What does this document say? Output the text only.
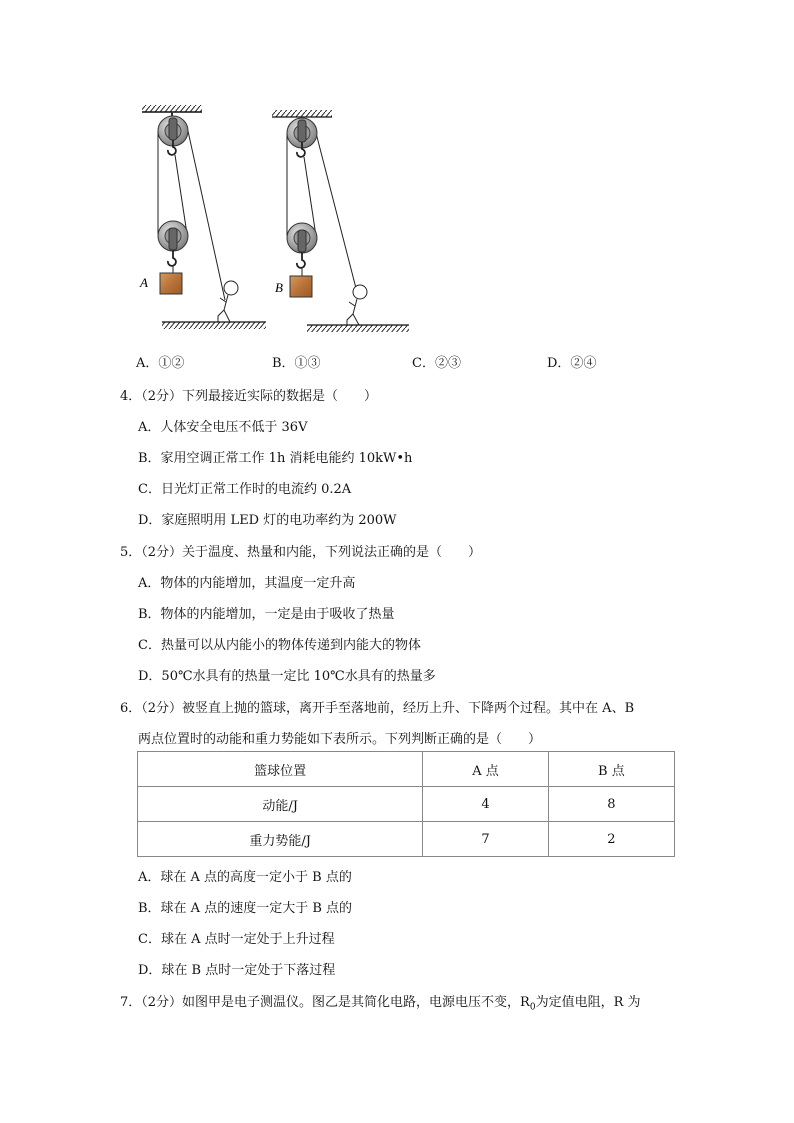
A	B
A．①②	B．①③	C．②③	D．②④
4．（2分）下列最接近实际的数据是（　　）
A．人体安全电压不低于 36V
B．家用空调正常工作 1h 消耗电能约 10kW•h
C．日光灯正常工作时的电流约 0.2A
D．家庭照明用 LED 灯的电功率约为 200W
5．（2分）关于温度、热量和内能，下列说法正确的是（　　）
A．物体的内能增加，其温度一定升高
B．物体的内能增加，一定是由于吸收了热量
C．热量可以从内能小的物体传递到内能大的物体
D．50℃水具有的热量一定比 10℃水具有的热量多
6．（2分）被竖直上抛的篮球，离开手至落地前，经历上升、下降两个过程。其中在 A、B
两点位置时的动能和重力势能如下表所示。下列判断正确的是（　　）
篮球位置	A 点	B 点
动能/J	4	8
重力势能/J	7	2
A．球在 A 点的高度一定小于 B 点的
B．球在 A 点的速度一定大于 B 点的
C．球在 A 点时一定处于上升过程
D．球在 B 点时一定处于下落过程
7．（2分）如图甲是电子测温仪。图乙是其简化电路，电源电压不变，$R_0$为定值电阻，R 为
